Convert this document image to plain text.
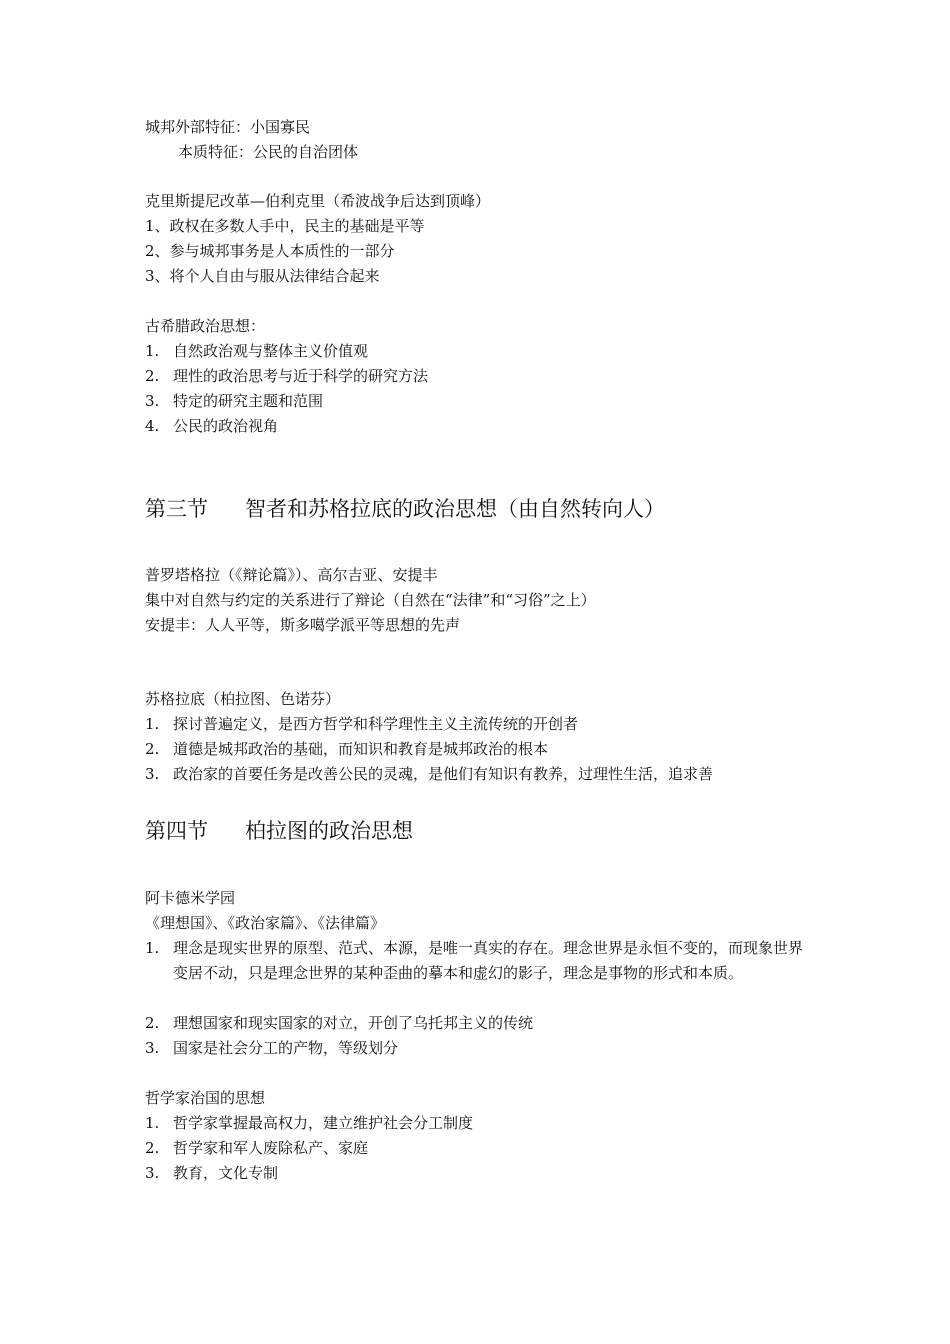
城邦外部特征：小国寡民
本质特征：公民的自治团体
克里斯提尼改革—伯利克里（希波战争后达到顶峰）
1、政权在多数人手中，民主的基础是平等
2、参与城邦事务是人本质性的一部分
3、将个人自由与服从法律结合起来
古希腊政治思想：
1. 自然政治观与整体主义价值观
2. 理性的政治思考与近于科学的研究方法
3. 特定的研究主题和范围
4. 公民的政治视角
第三节 智者和苏格拉底的政治思想（由自然转向人）
普罗塔格拉（《辩论篇》）、高尔吉亚、安提丰
集中对自然与约定的关系进行了辩论（自然在“法律”和“习俗”之上）
安提丰：人人平等，斯多噶学派平等思想的先声
苏格拉底（柏拉图、色诺芬）
1. 探讨普遍定义，是西方哲学和科学理性主义主流传统的开创者
2. 道德是城邦政治的基础，而知识和教育是城邦政治的根本
3. 政治家的首要任务是改善公民的灵魂，是他们有知识有教养，过理性生活，追求善
第四节 柏拉图的政治思想
阿卡德米学园
《理想国》、《政治家篇》、《法律篇》
1. 理念是现实世界的原型、范式、本源，是唯一真实的存在。理念世界是永恒不变的，而现象世界变居不动，只是理念世界的某种歪曲的摹本和虚幻的影子，理念是事物的形式和本质。
2. 理想国家和现实国家的对立，开创了乌托邦主义的传统
3. 国家是社会分工的产物，等级划分
哲学家治国的思想
1. 哲学家掌握最高权力，建立维护社会分工制度
2. 哲学家和军人废除私产、家庭
3. 教育，文化专制
